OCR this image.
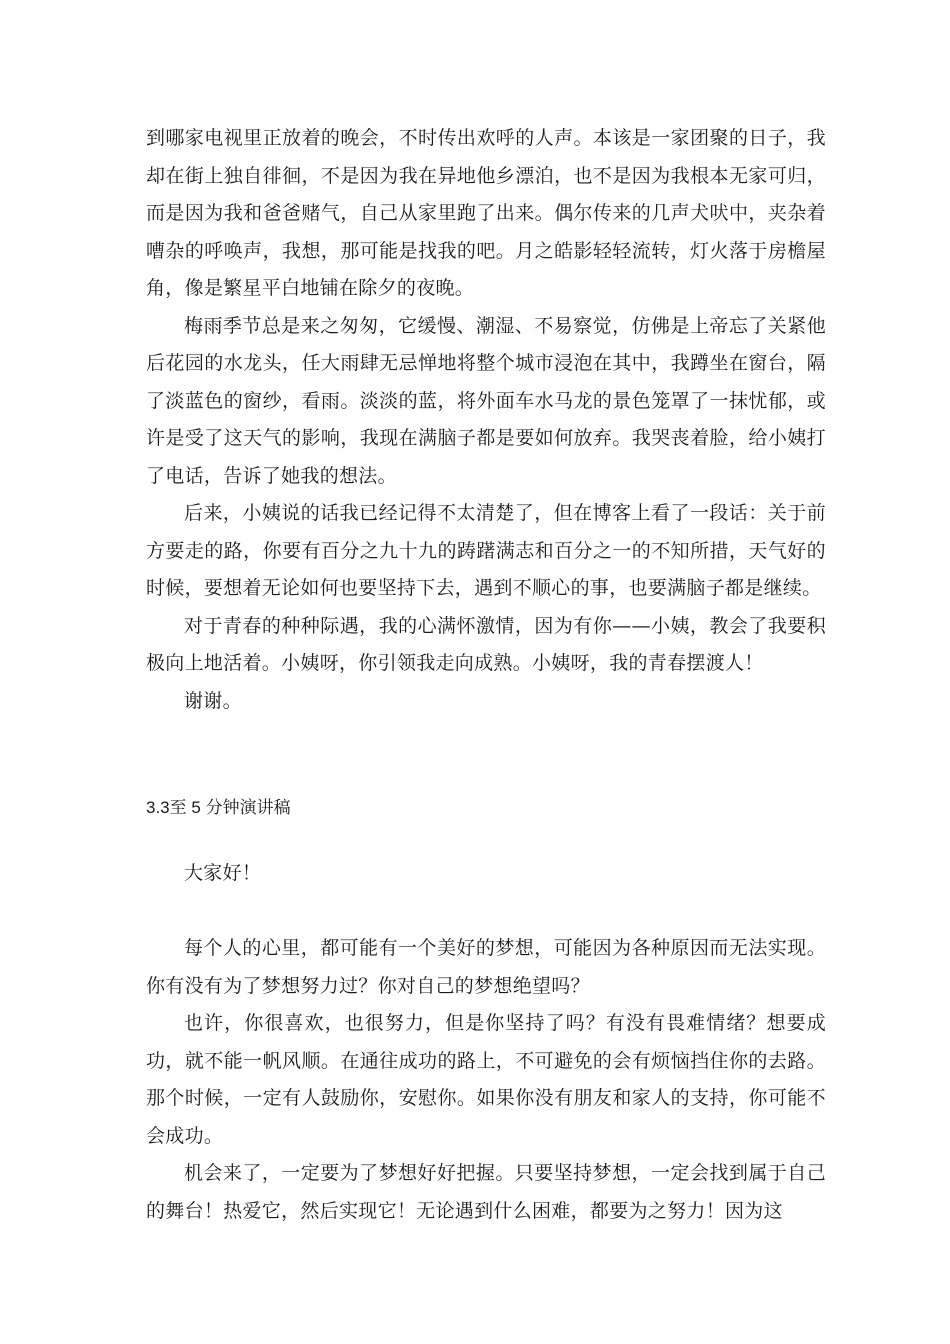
到哪家电视里正放着的晚会，不时传出欢呼的人声。本该是一家团聚的日子，我却在街上独自徘徊，不是因为我在异地他乡漂泊，也不是因为我根本无家可归，而是因为我和爸爸赌气，自己从家里跑了出来。偶尔传来的几声犬吠中，夹杂着嘈杂的呼唤声，我想，那可能是找我的吧。月之皓影轻轻流转，灯火落于房檐屋角，像是繁星平白地铺在除夕的夜晚。

梅雨季节总是来之匆匆，它缓慢、潮湿、不易察觉，仿佛是上帝忘了关紧他后花园的水龙头，任大雨肆无忌惮地将整个城市浸泡在其中，我蹲坐在窗台，隔了淡蓝色的窗纱，看雨。淡淡的蓝，将外面车水马龙的景色笼罩了一抹忧郁，或许是受了这天气的影响，我现在满脑子都是要如何放弃。我哭丧着脸，给小姨打了电话，告诉了她我的想法。

后来，小姨说的话我已经记得不太清楚了，但在博客上看了一段话：关于前方要走的路，你要有百分之九十九的踌躇满志和百分之一的不知所措，天气好的时候，要想着无论如何也要坚持下去，遇到不顺心的事，也要满脑子都是继续。

对于青春的种种际遇，我的心满怀激情，因为有你——小姨，教会了我要积极向上地活着。小姨呀，你引领我走向成熟。小姨呀，我的青春摆渡人！

谢谢。

3.3至 5 分钟演讲稿

大家好！

每个人的心里，都可能有一个美好的梦想，可能因为各种原因而无法实现。你有没有为了梦想努力过？你对自己的梦想绝望吗？

也许，你很喜欢，也很努力，但是你坚持了吗？有没有畏难情绪？想要成功，就不能一帆风顺。在通往成功的路上，不可避免的会有烦恼挡住你的去路。那个时候，一定有人鼓励你，安慰你。如果你没有朋友和家人的支持，你可能不会成功。

机会来了，一定要为了梦想好好把握。只要坚持梦想，一定会找到属于自己的舞台！热爱它，然后实现它！无论遇到什么困难，都要为之努力！因为这
